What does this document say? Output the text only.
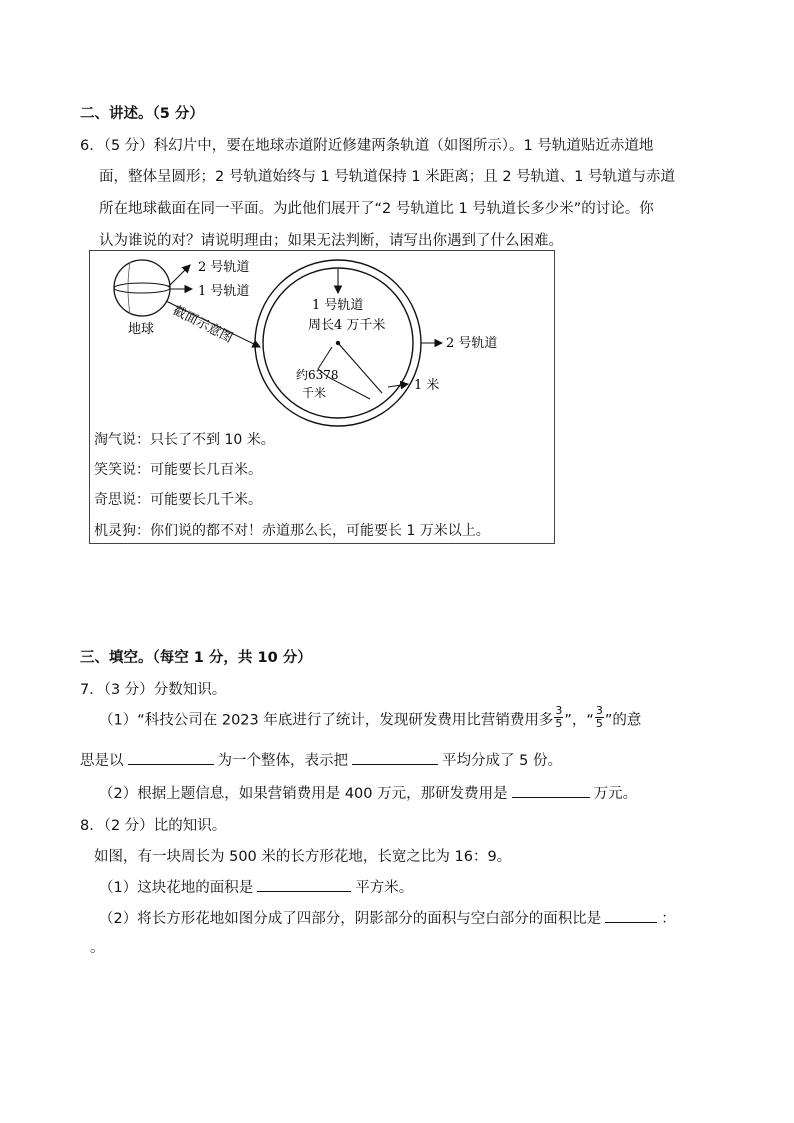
二、讲述。（5 分）
6．（5 分）科幻片中，要在地球赤道附近修建两条轨道（如图所示）。1 号轨道贴近赤道地
面，整体呈圆形；2 号轨道始终与 1 号轨道保持 1 米距离；且 2 号轨道、1 号轨道与赤道
所在地球截面在同一平面。为此他们展开了“2 号轨道比 1 号轨道长多少米”的讨论。你
认为谁说的对？请说明理由；如果无法判断，请写出你遇到了什么困难。
2 号轨道
1 号轨道
地球 截面示意图	1 号轨道
周长4 万千米
约6378
千米
2 号轨道
1 米
淘气说：只长了不到 10 米。
笑笑说：可能要长几百米。
奇思说：可能要长几千米。
机灵狗：你们说的都不对！赤道那么长，可能要长 1 万米以上。
三、填空。（每空 1 分，共 10 分）
7．（3 分）分数知识。
（1）“科技公司在 2023 年底进行了统计，发现研发费用比营销费用多 $\frac{3}{5}$ ”，“ $\frac{3}{5}$ ”的意
思是以	为一个整体，表示把	平均分成了 5 份。
（2）根据上题信息，如果营销费用是 400 万元，那研发费用是	万元。
8．（2 分）比的知识。
如图，有一块周长为 500 米的长方形花地，长宽之比为 16：9。
（1）这块花地的面积是	平方米。
（2）将长方形花地如图分成了四部分，阴影部分的面积与空白部分的面积比是	：
。
